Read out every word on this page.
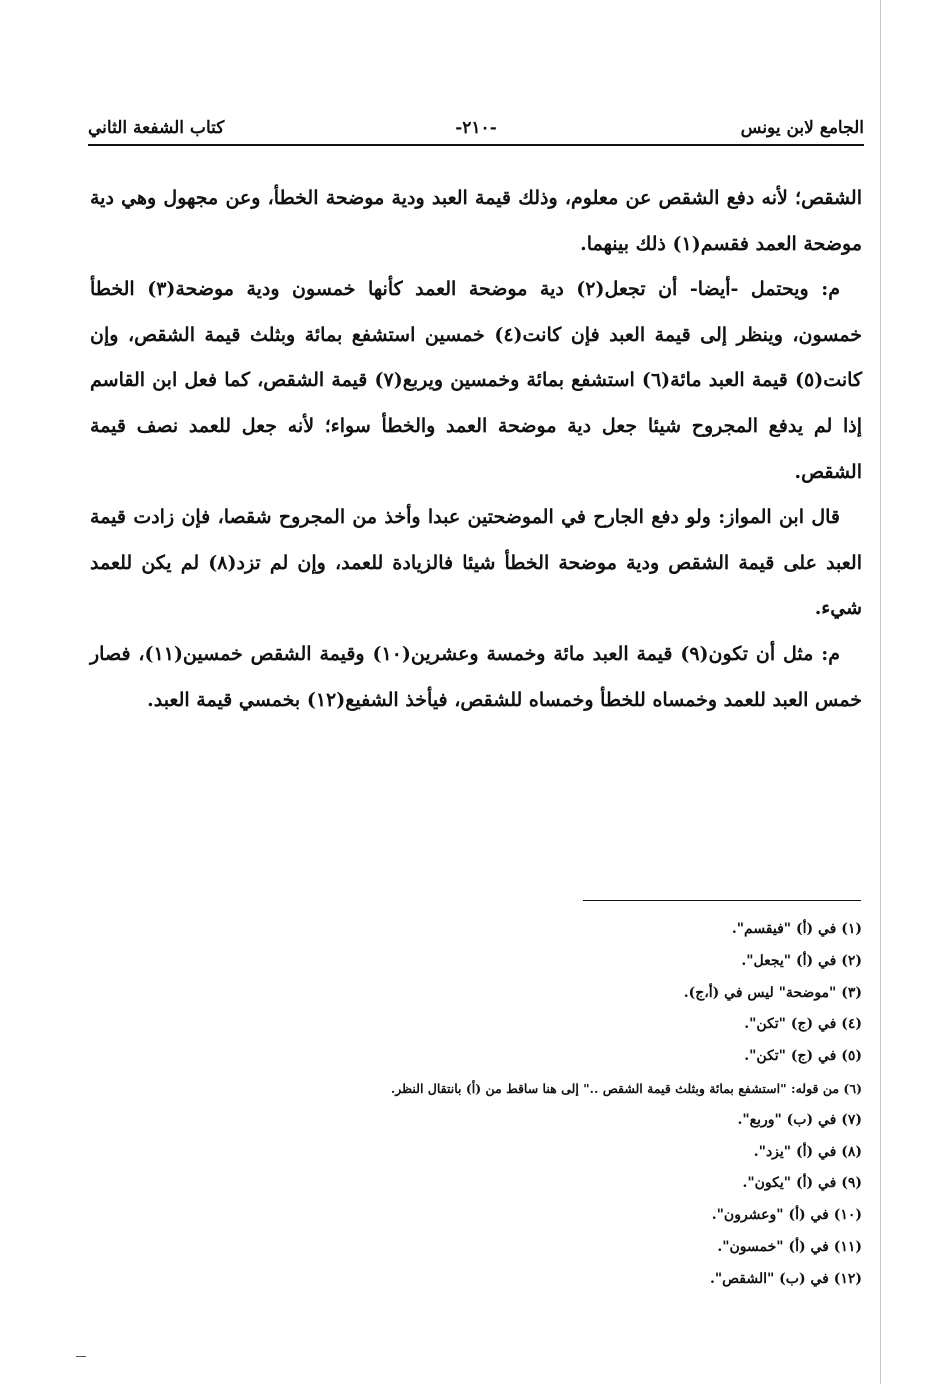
الجامع لابن يونس
-٢١٠-
كتاب الشفعة الثاني

الشقص؛ لأنه دفع الشقص عن معلوم، وذلك قيمة العبد ودية موضحة الخطأ، وعن مجهول وهي دية موضحة العمد فقسم(١) ذلك بينهما.

م: ويحتمل -أيضا- أن تجعل(٢) دية موضحة العمد كأنها خمسون ودية موضحة(٣) الخطأ خمسون، وينظر إلى قيمة العبد فإن كانت(٤) خمسين استشفع بمائة وبثلث قيمة الشقص، وإن كانت(٥) قيمة العبد مائة(٦) استشفع بمائة وخمسين ويربع(٧) قيمة الشقص، كما فعل ابن القاسم إذا لم يدفع المجروح شيئا جعل دية موضحة العمد والخطأ سواء؛ لأنه جعل للعمد نصف قيمة الشقص.

قال ابن المواز: ولو دفع الجارح في الموضحتين عبدا وأخذ من المجروح شقصا، فإن زادت قيمة العبد على قيمة الشقص ودية موضحة الخطأ شيئا فالزيادة للعمد، وإن لم تزد(٨) لم يكن للعمد شيء.

م: مثل أن تكون(٩) قيمة العبد مائة وخمسة وعشرين(١٠) وقيمة الشقص خمسين(١١)، فصار خمس العبد للعمد وخمساه للخطأ وخمساه للشقص، فيأخذ الشفيع(١٢) بخمسي قيمة العبد.

(١) في (أ) "فيقسم".
(٢) في (أ) "يجعل".
(٣) "موضحة" ليس في (أ،ج).
(٤) في (ج) "تكن".
(٥) في (ج) "تكن".
(٦) من قوله: "استشفع بمائة وبثلث قيمة الشقص .." إلى هنا ساقط من (أ) بانتقال النظر.
(٧) في (ب) "وربع".
(٨) في (أ) "يزد".
(٩) في (أ) "يكون".
(١٠) في (أ) "وعشرون".
(١١) في (أ) "خمسون".
(١٢) في (ب) "الشقص".
